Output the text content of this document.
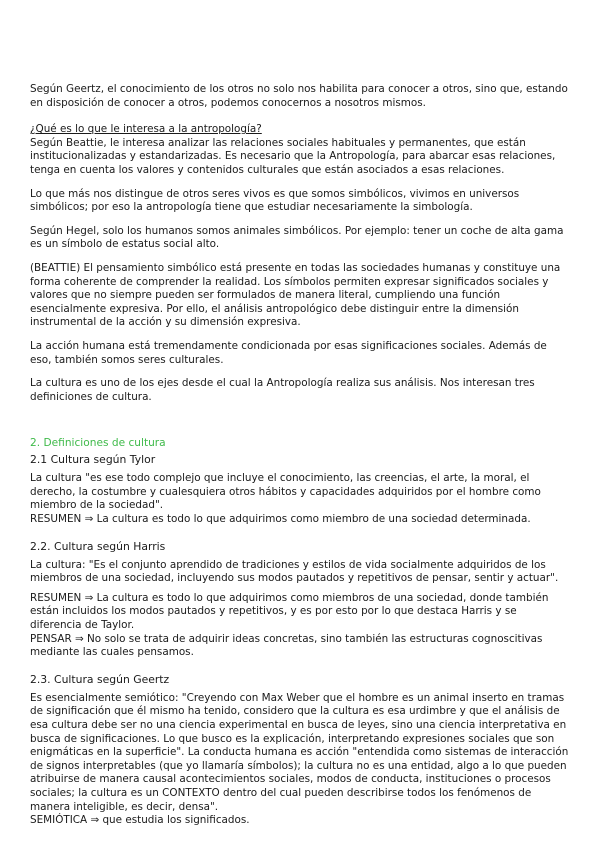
Según Geertz, el conocimiento de los otros no solo nos habilita para conocer a otros, sino que, estando en disposición de conocer a otros, podemos conocernos a nosotros mismos.

¿Qué es lo que le interesa a la antropología?

Según Beattie, le interesa analizar las relaciones sociales habituales y permanentes, que están institucionalizadas y estandarizadas. Es necesario que la Antropología, para abarcar esas relaciones, tenga en cuenta los valores y contenidos culturales que están asociados a esas relaciones.

Lo que más nos distingue de otros seres vivos es que somos simbólicos, vivimos en universos simbólicos; por eso la antropología tiene que estudiar necesariamente la simbología.

Según Hegel, solo los humanos somos animales simbólicos. Por ejemplo: tener un coche de alta gama es un símbolo de estatus social alto.

(BEATTIE) El pensamiento simbólico está presente en todas las sociedades humanas y constituye una forma coherente de comprender la realidad. Los símbolos permiten expresar significados sociales y valores que no siempre pueden ser formulados de manera literal, cumpliendo una función esencialmente expresiva. Por ello, el análisis antropológico debe distinguir entre la dimensión instrumental de la acción y su dimensión expresiva.

La acción humana está tremendamente condicionada por esas significaciones sociales. Además de eso, también somos seres culturales.

La cultura es uno de los ejes desde el cual la Antropología realiza sus análisis. Nos interesan tres definiciones de cultura.

2. Definiciones de cultura

2.1 Cultura según Tylor

La cultura "es ese todo complejo que incluye el conocimiento, las creencias, el arte, la moral, el derecho, la costumbre y cualesquiera otros hábitos y capacidades adquiridos por el hombre como miembro de la sociedad".

RESUMEN ⇒ La cultura es todo lo que adquirimos como miembro de una sociedad determinada.

2.2. Cultura según Harris

La cultura: "Es el conjunto aprendido de tradiciones y estilos de vida socialmente adquiridos de los miembros de una sociedad, incluyendo sus modos pautados y repetitivos de pensar, sentir y actuar".

RESUMEN ⇒ La cultura es todo lo que adquirimos como miembros de una sociedad, donde también están incluidos los modos pautados y repetitivos, y es por esto por lo que destaca Harris y se diferencia de Taylor.

PENSAR ⇒ No solo se trata de adquirir ideas concretas, sino también las estructuras cognoscitivas mediante las cuales pensamos.

2.3. Cultura según Geertz

Es esencialmente semiótico: "Creyendo con Max Weber que el hombre es un animal inserto en tramas de significación que él mismo ha tenido, considero que la cultura es esa urdimbre y que el análisis de esa cultura debe ser no una ciencia experimental en busca de leyes, sino una ciencia interpretativa en busca de significaciones. Lo que busco es la explicación, interpretando expresiones sociales que son enigmáticas en la superficie". La conducta humana es acción "entendida como sistemas de interacción de signos interpretables (que yo llamaría símbolos); la cultura no es una entidad, algo a lo que pueden atribuirse de manera causal acontecimientos sociales, modos de conducta, instituciones o procesos sociales; la cultura es un CONTEXTO dentro del cual pueden describirse todos los fenómenos de manera inteligible, es decir, densa".

SEMIÓTICA ⇒ que estudia los significados.
